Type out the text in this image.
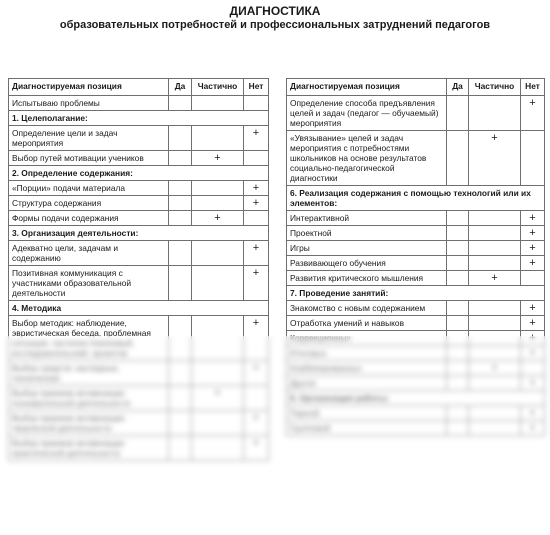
ДИАГНОСТИКА
образовательных потребностей и профессиональных затруднений педагогов
Диагностируемая позиция	Да	Частично	Нет
Испытываю проблемы			
1. Целеполагание:			
Определение цели и задач мероприятия			+
Выбор путей мотивации учеников		+	
2. Определение содержания:			
«Порции» подачи материала			+
Структура содержания			+
Формы подачи содержания		+	
3. Организация деятельности:			
Адекватно цели, задачам и содержанию			+
Позитивная коммуникация с участниками образовательной деятельности			+
4. Методика			
Выбор методик: наблюдение, эвристическая беседа, проблемная ситуация, частично-поисковый, исследовательский, проектов			+
Выбор средств: наглядные, технические			+
Выбор приемов активизации познавательной деятельности		+	
Выбор приемов активизации творческой деятельности			+
Выбор приемов активизации практической деятельности			+
Диагностируемая позиция	Да	Частично	Нет
Определение способа предъявления целей и задач (педагог — обучаемый) мероприятия			+
«Увязывание» целей и задач мероприятия с потребностями школьников на основе результатов социально-педагогической диагностики		+	
6. Реализация содержания с помощью технологий или их элементов:			
Интерактивной			+
Проектной			+
Игры			+
Развивающего обучения			+
Развития критического мышления		+	
7. Проведение занятий:			
Знакомство с новым содержанием			+
Отработка умений и навыков			+
Коррекционных			+
Итоговых			+
Комбинированных		+	
Других			+
8. Организация работы:			
Парной			+
Групповой			+
